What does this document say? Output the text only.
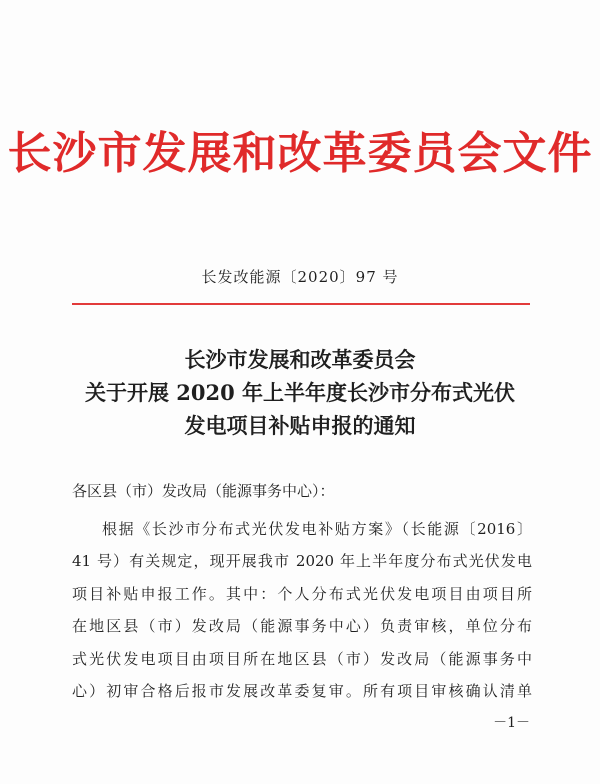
长沙市发展和改革委员会文件
长发改能源〔2020〕97 号
长沙市发展和改革委员会
关于开展 2020 年上半年度长沙市分布式光伏
发电项目补贴申报的通知
各区县（市）发改局（能源事务中心）：
根据《长沙市分布式光伏发电补贴方案》（长能源〔2016〕
41 号）有关规定，现开展我市 2020 年上半年度分布式光伏发电
项目补贴申报工作。其中：个人分布式光伏发电项目由项目所
在地区县（市）发改局（能源事务中心）负责审核，单位分布
式光伏发电项目由项目所在地区县（市）发改局（能源事务中
心）初审合格后报市发展改革委复审。所有项目审核确认清单
－1－
